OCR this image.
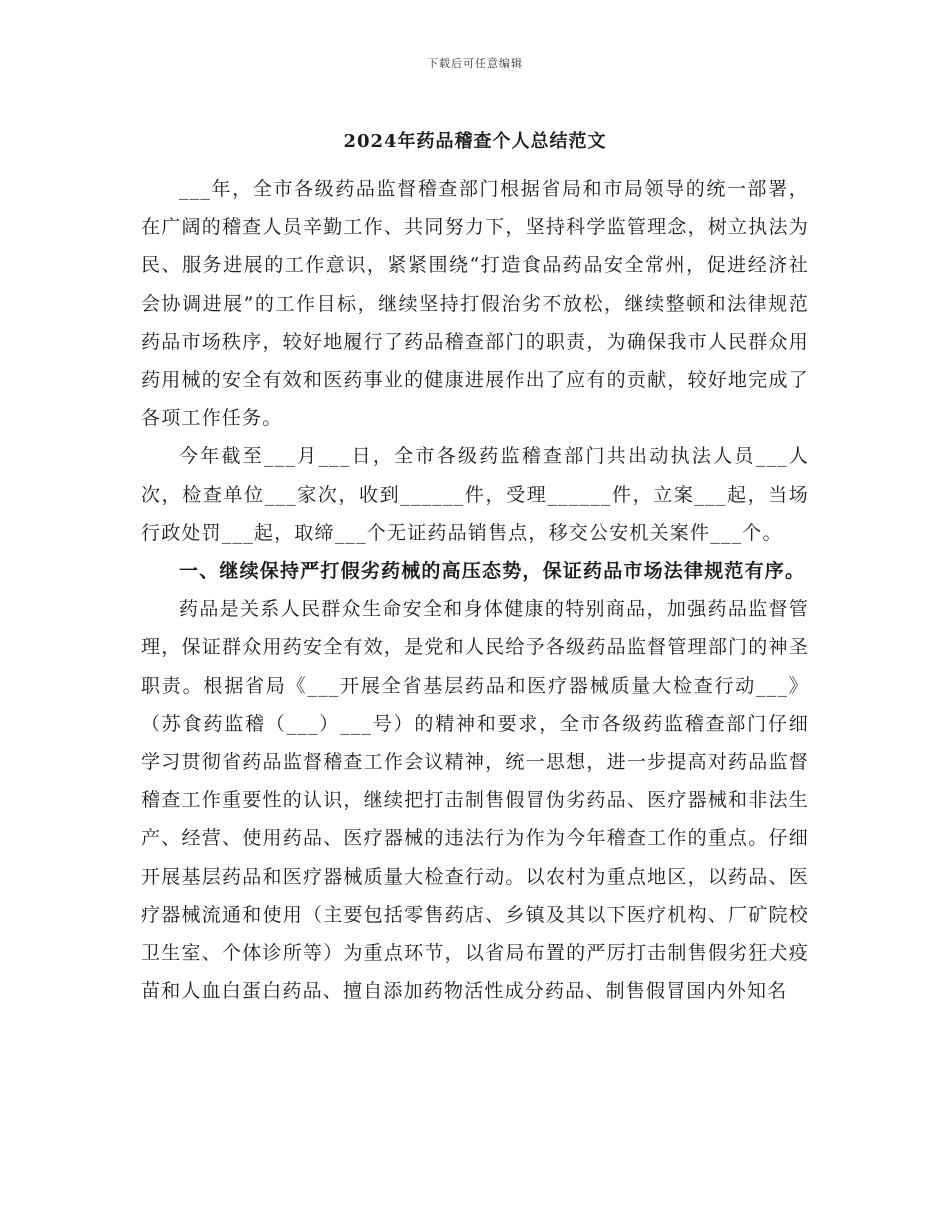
下载后可任意编辑
2024年药品稽查个人总结范文

___年，全市各级药品监督稽查部门根据省局和市局领导的统一部署，在广阔的稽查人员辛勤工作、共同努力下，坚持科学监管理念，树立执法为民、服务进展的工作意识，紧紧围绕“打造食品药品安全常州，促进经济社会协调进展”的工作目标，继续坚持打假治劣不放松，继续整顿和法律规范药品市场秩序，较好地履行了药品稽查部门的职责，为确保我市人民群众用药用械的安全有效和医药事业的健康进展作出了应有的贡献，较好地完成了各项工作任务。

今年截至___月___日，全市各级药监稽查部门共出动执法人员___人次，检查单位___家次，收到______件，受理______件，立案___起，当场行政处罚___起，取缔___个无证药品销售点，移交公安机关案件___个。

一、继续保持严打假劣药械的高压态势，保证药品市场法律规范有序。

药品是关系人民群众生命安全和身体健康的特别商品，加强药品监督管理，保证群众用药安全有效，是党和人民给予各级药品监督管理部门的神圣职责。根据省局《___开展全省基层药品和医疗器械质量大检查行动___》（苏食药监稽（___）___号）的精神和要求，全市各级药监稽查部门仔细学习贯彻省药品监督稽查工作会议精神，统一思想，进一步提高对药品监督稽查工作重要性的认识，继续把打击制售假冒伪劣药品、医疗器械和非法生产、经营、使用药品、医疗器械的违法行为作为今年稽查工作的重点。仔细开展基层药品和医疗器械质量大检查行动。以农村为重点地区，以药品、医疗器械流通和使用（主要包括零售药店、乡镇及其以下医疗机构、厂矿院校卫生室、个体诊所等）为重点环节，以省局布置的严厉打击制售假劣狂犬疫苗和人血白蛋白药品、擅自添加药物活性成分药品、制售假冒国内外知名
